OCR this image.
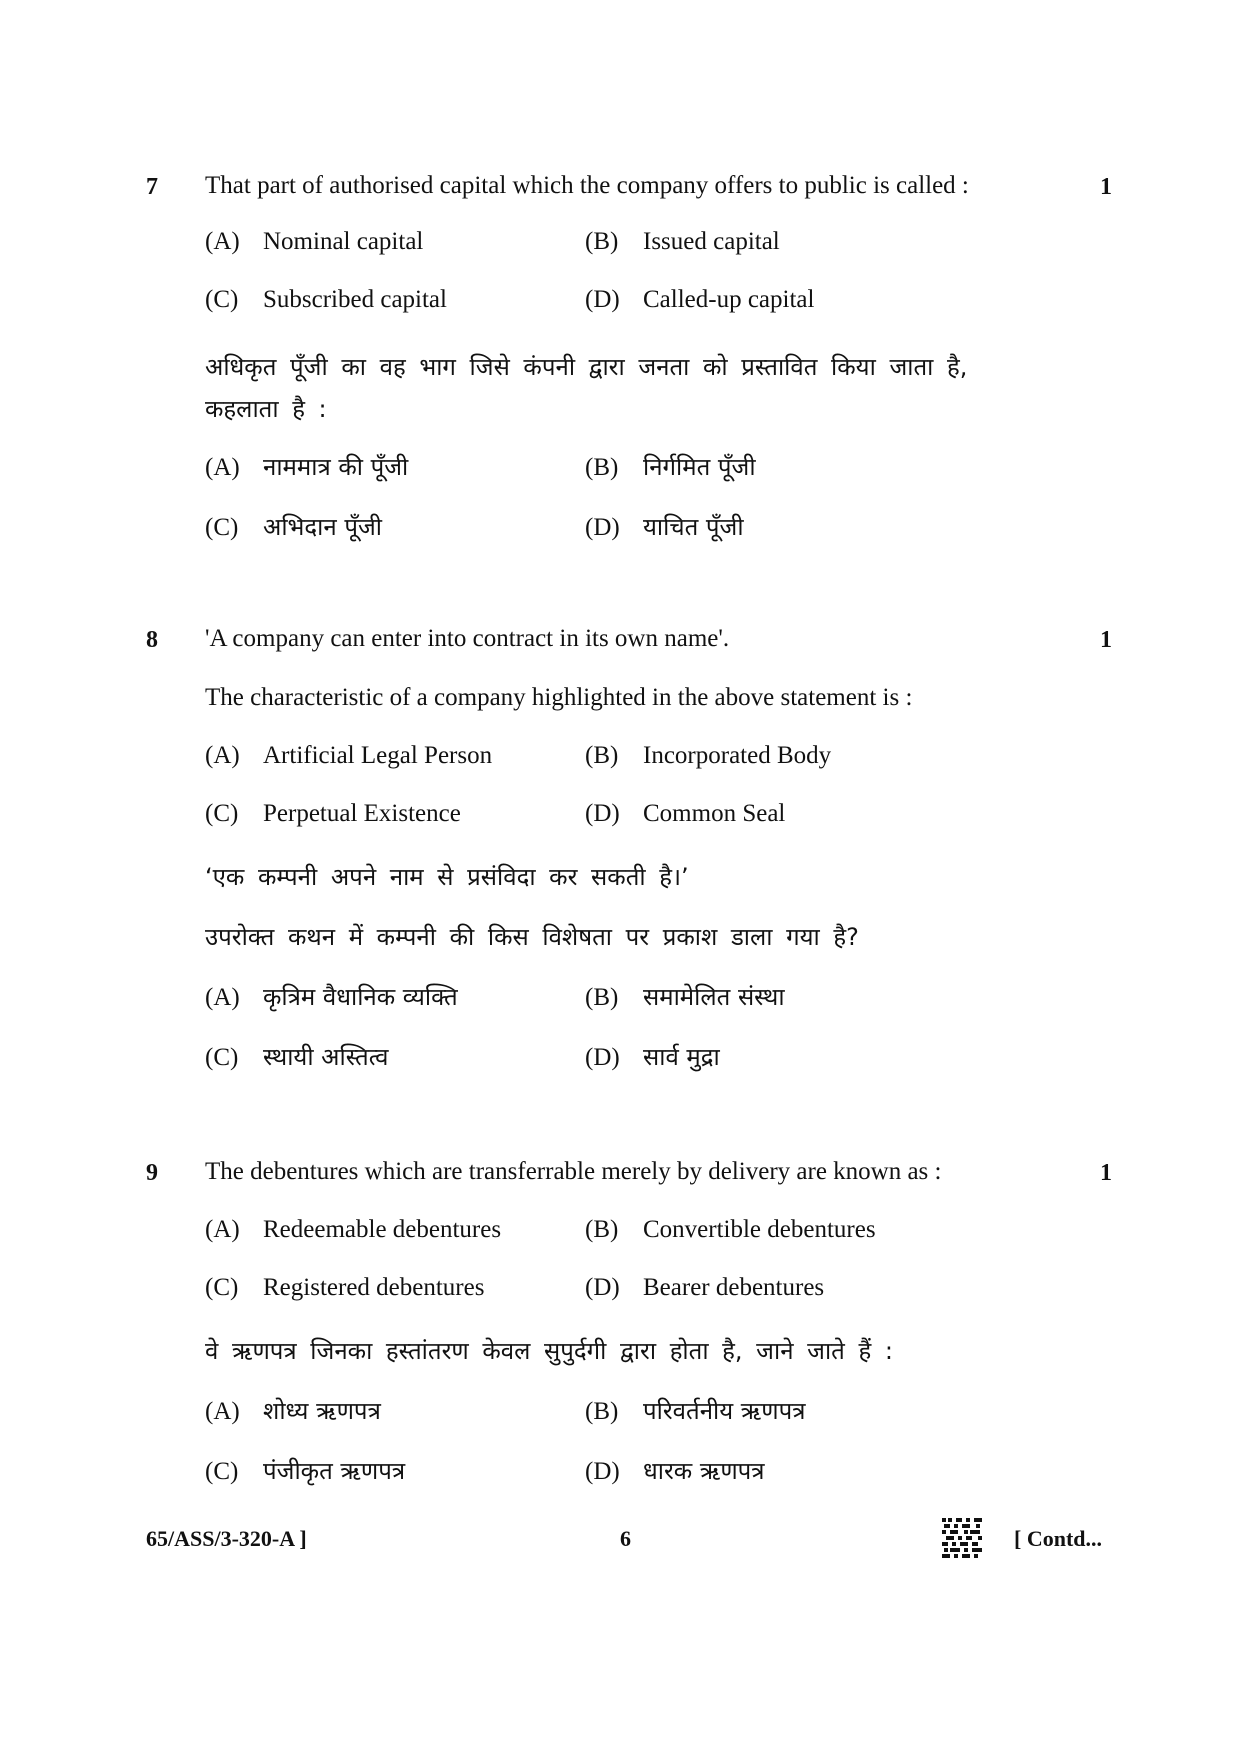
7 That part of authorised capital which the company offers to public is called :	1
(A) Nominal capital	(B) Issued capital
(C) Subscribed capital	(D) Called-up capital
अधिकृत पूँजी का वह भाग जिसे कंपनी द्वारा जनता को प्रस्तावित किया जाता है,
कहलाता है :
(A) नाममात्र की पूँजी	(B) निर्गमित पूँजी
(C) अभिदान पूँजी	(D) याचित पूँजी
8 'A company can enter into contract in its own name'.	1
The characteristic of a company highlighted in the above statement is :
(A) Artificial Legal Person	(B) Incorporated Body
(C) Perpetual Existence	(D) Common Seal
‘एक कम्पनी अपने नाम से प्रसंविदा कर सकती है।’
उपरोक्त कथन में कम्पनी की किस विशेषता पर प्रकाश डाला गया है?
(A) कृत्रिम वैधानिक व्यक्ति	(B) समामेलित संस्था
(C) स्थायी अस्तित्व	(D) सार्व मुद्रा
9 The debentures which are transferrable merely by delivery are known as :	1
(A) Redeemable debentures	(B) Convertible debentures
(C) Registered debentures	(D) Bearer debentures
वे ऋणपत्र जिनका हस्तांतरण केवल सुपुर्दगी द्वारा होता है, जाने जाते हैं :
(A) शोध्य ऋणपत्र	(B) परिवर्तनीय ऋणपत्र
(C) पंजीकृत ऋणपत्र	(D) धारक ऋणपत्र
65/ASS/3-320-A ]	6	[ Contd...
